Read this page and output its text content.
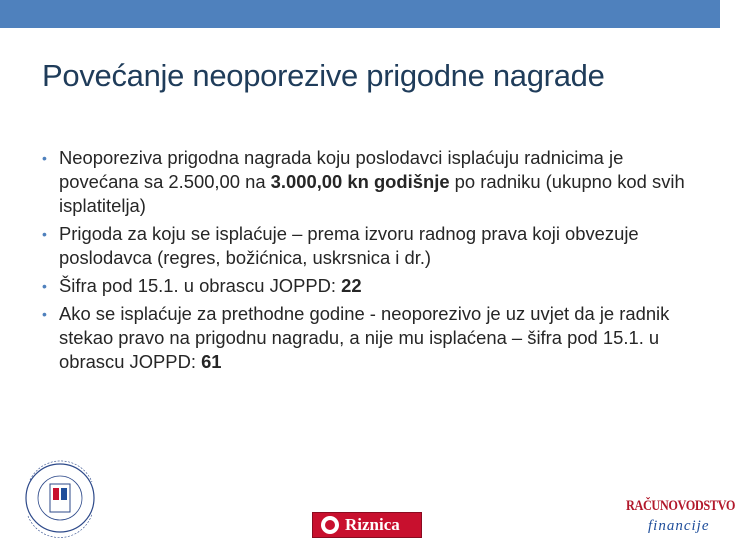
Povećanje neoporezive prigodne nagrade
• Neoporeziva prigodna nagrada koju poslodavci isplaćuju radnicima je povećana sa 2.500,00 na 3.000,00 kn godišnje po radniku (ukupno kod svih isplatitelja)
• Prigoda za koju se isplaćuje – prema izvoru radnog prava koji obvezuje poslodavca (regres, božićnica, uskrsnica i dr.)
• Šifra pod 15.1. u obrascu JOPPD: 22
• Ako se isplaćuje za prethodne godine - neoporezivo je uz uvjet da je radnik stekao pravo na prigodnu nagradu, a nije mu isplaćena – šifra pod 15.1. u obrascu JOPPD: 61
Riznica
RAČUNOVODSTVO
financije
